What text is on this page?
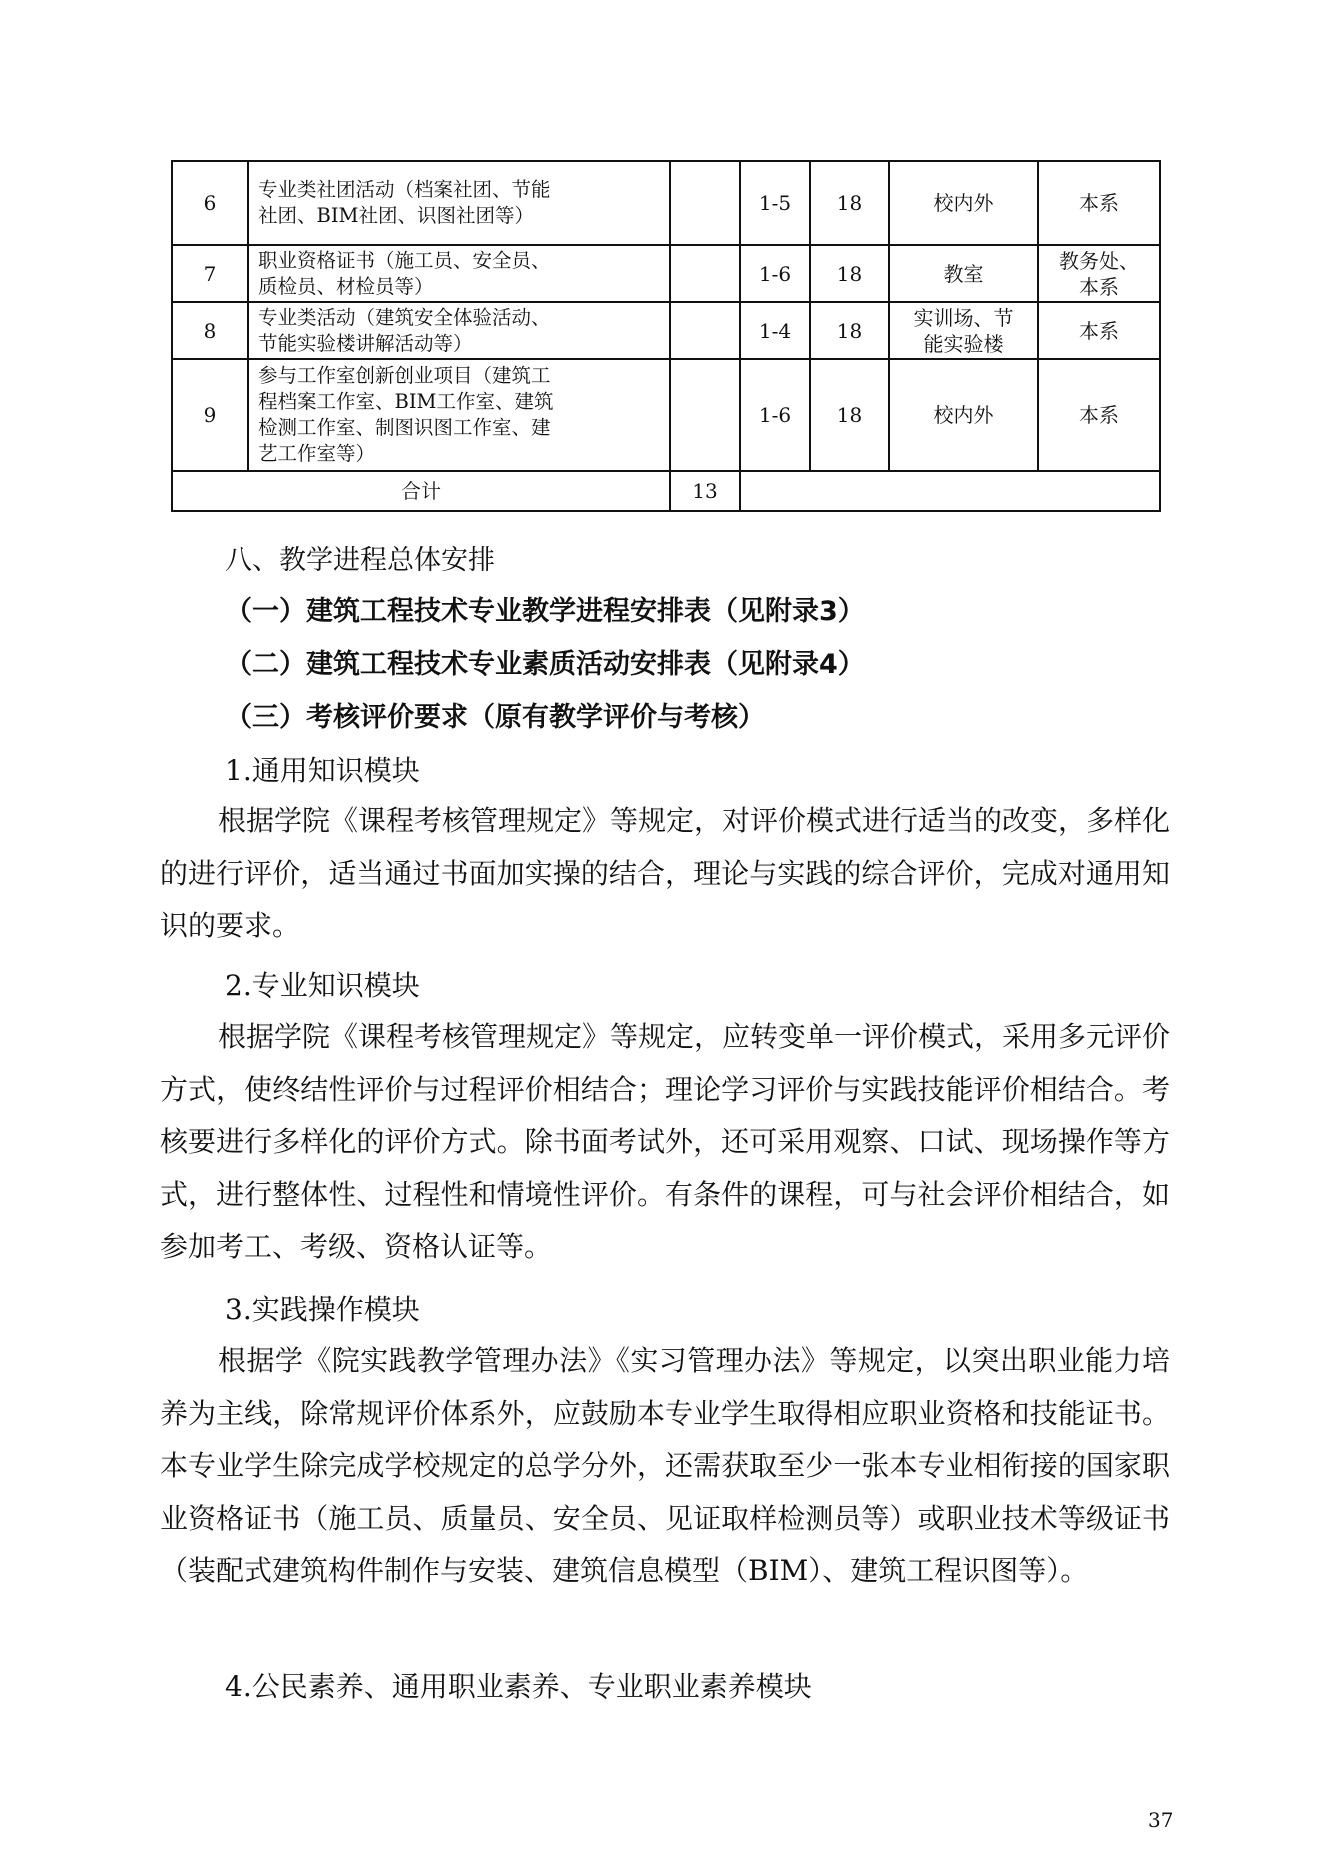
6	专业类社团活动（档案社团、节能社团、BIM社团、识图社团等）		1-5	18	校内外	本系
7	职业资格证书（施工员、安全员、质检员、材检员等）		1-6	18	教室	教务处、本系

8	专业类活动（建筑安全体验活动、节能实验楼讲解活动等）		1-4	18	实训场、节能实验楼	本系
9	参与工作室创新创业项目（建筑工程档案工作室、BIM工作室、建筑检测工作室、制图识图工作室、建艺工作室等）		1-6	18	校内外	本系
合计		13				
八、教学进程总体安排
（一）建筑工程技术专业教学进程安排表（见附录3）
（二）建筑工程技术专业素质活动安排表（见附录4）
（三）考核评价要求（原有教学评价与考核）
1.通用知识模块
根据学院《课程考核管理规定》等规定，对评价模式进行适当的改变，多样化的进行评价，适当通过书面加实操的结合，理论与实践的综合评价，完成对通用知识的要求。
2.专业知识模块
根据学院《课程考核管理规定》等规定，应转变单一评价模式，采用多元评价方式，使终结性评价与过程评价相结合；理论学习评价与实践技能评价相结合。考核要进行多样化的评价方式。除书面考试外，还可采用观察、口试、现场操作等方式，进行整体性、过程性和情境性评价。有条件的课程，可与社会评价相结合，如参加考工、考级、资格认证等。
3.实践操作模块
根据学《院实践教学管理办法》《实习管理办法》等规定，以突出职业能力培养为主线，除常规评价体系外，应鼓励本专业学生取得相应职业资格和技能证书。本专业学生除完成学校规定的总学分外，还需获取至少一张本专业相衔接的国家职业资格证书（施工员、质量员、安全员、见证取样检测员等）或职业技术等级证书（装配式建筑构件制作与安装、建筑信息模型（BIM）、建筑工程识图等）。
4.公民素养、通用职业素养、专业职业素养模块
37
